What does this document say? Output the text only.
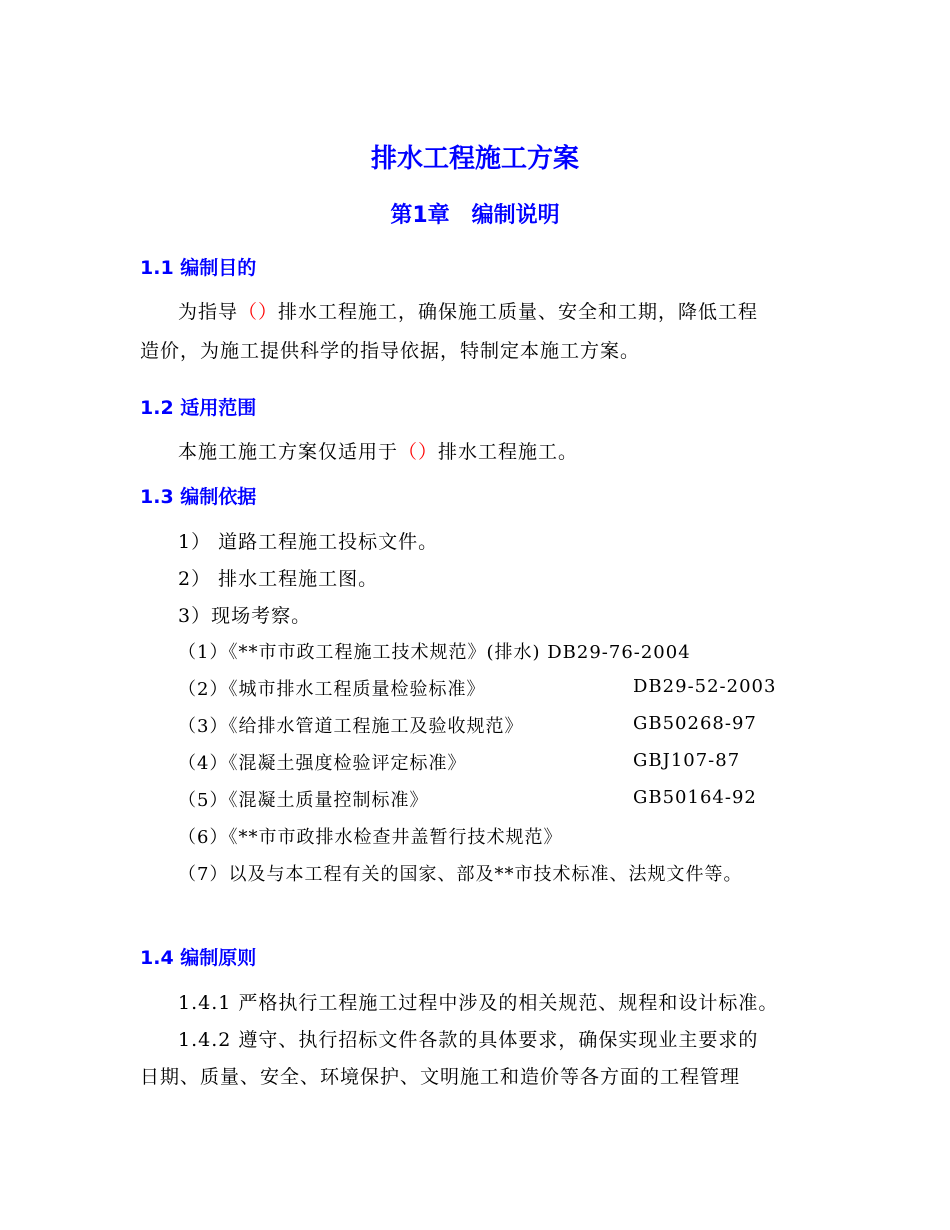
排水工程施工方案
第1章　编制说明
1.1 编制目的
为指导（）排水工程施工，确保施工质量、安全和工期，降低工程
造价，为施工提供科学的指导依据，特制定本施工方案。
1.2 适用范围
本施工施工方案仅适用于（）排水工程施工。
1.3 编制依据
1） 道路工程施工投标文件。
2） 排水工程施工图。
3）现场考察。
（1）《**市市政工程施工技术规范》(排水) DB29-76-2004
（2）《城市排水工程质量检验标准》	DB29-52-2003
（3）《给排水管道工程施工及验收规范》	GB50268-97
（4）《混凝土强度检验评定标准》	GBJ107-87
（5）《混凝土质量控制标准》	GB50164-92
（6）《**市市政排水检查井盖暂行技术规范》
（7）以及与本工程有关的国家、部及**市技术标准、法规文件等。
1.4 编制原则
1.4.1 严格执行工程施工过程中涉及的相关规范、规程和设计标准。
1.4.2 遵守、执行招标文件各款的具体要求，确保实现业主要求的
日期、质量、安全、环境保护、文明施工和造价等各方面的工程管理
